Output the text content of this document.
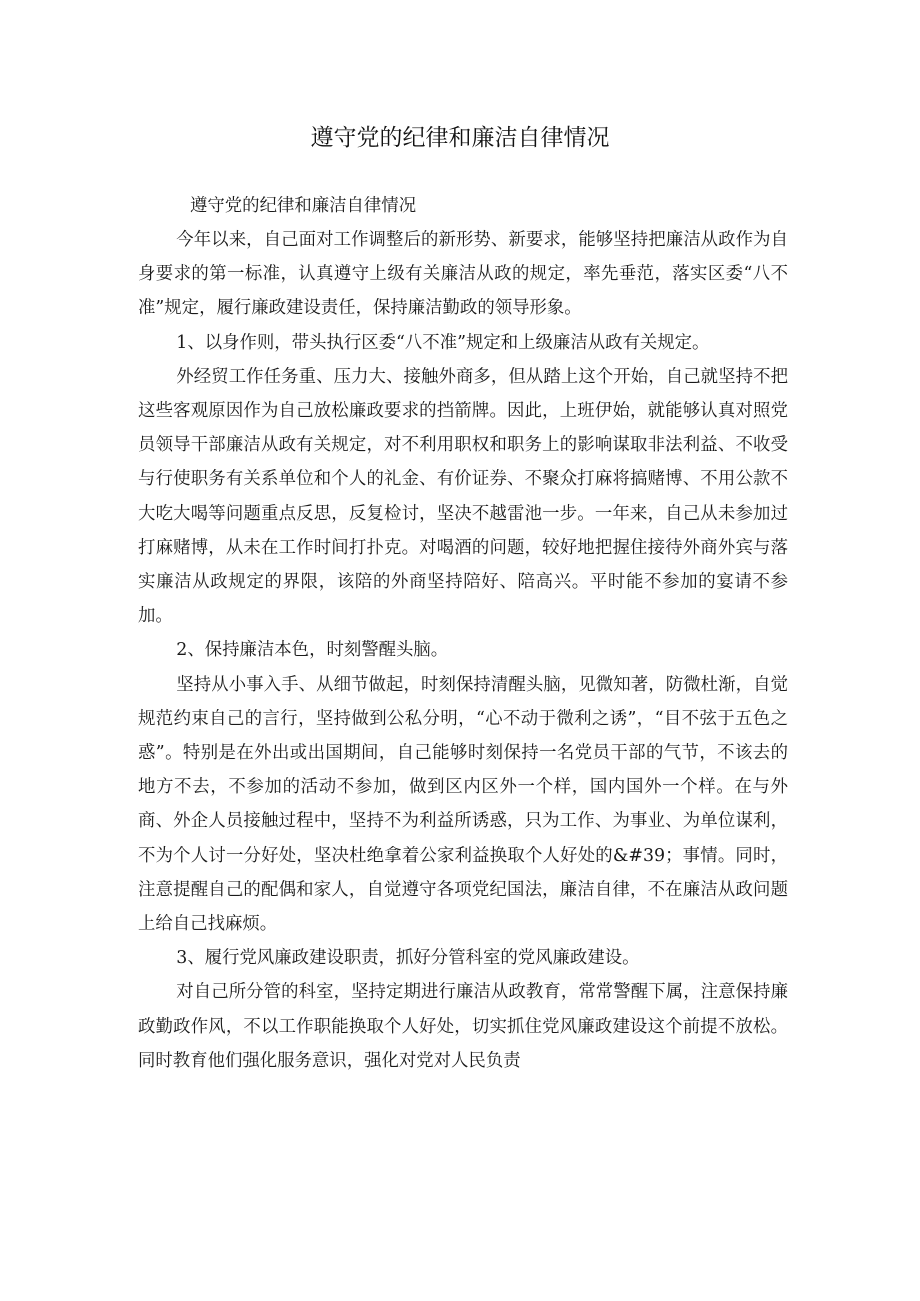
遵守党的纪律和廉洁自律情况

遵守党的纪律和廉洁自律情况

今年以来，自己面对工作调整后的新形势、新要求，能够坚持把廉洁从政作为自身要求的第一标准，认真遵守上级有关廉洁从政的规定，率先垂范，落实区委“八不准”规定，履行廉政建设责任，保持廉洁勤政的领导形象。

1、以身作则，带头执行区委“八不准”规定和上级廉洁从政有关规定。

外经贸工作任务重、压力大、接触外商多，但从踏上这个开始，自己就坚持不把这些客观原因作为自己放松廉政要求的挡箭牌。因此，上班伊始，就能够认真对照党员领导干部廉洁从政有关规定，对不利用职权和职务上的影响谋取非法利益、不收受与行使职务有关系单位和个人的礼金、有价证券、不聚众打麻将搞赌博、不用公款不大吃大喝等问题重点反思，反复检讨，坚决不越雷池一步。一年来，自己从未参加过打麻赌博，从未在工作时间打扑克。对喝酒的问题，较好地把握住接待外商外宾与落实廉洁从政规定的界限，该陪的外商坚持陪好、陪高兴。平时能不参加的宴请不参加。

2、保持廉洁本色，时刻警醒头脑。

坚持从小事入手、从细节做起，时刻保持清醒头脑，见微知著，防微杜渐，自觉规范约束自己的言行，坚持做到公私分明，“心不动于微利之诱”，“目不弦于五色之惑”。特别是在外出或出国期间，自己能够时刻保持一名党员干部的气节，不该去的地方不去，不参加的活动不参加，做到区内区外一个样，国内国外一个样。在与外商、外企人员接触过程中，坚持不为利益所诱惑，只为工作、为事业、为单位谋利，不为个人讨一分好处，坚决杜绝拿着公家利益换取个人好处的&#39；事情。同时，注意提醒自己的配偶和家人，自觉遵守各项党纪国法，廉洁自律，不在廉洁从政问题上给自己找麻烦。

3、履行党风廉政建设职责，抓好分管科室的党风廉政建设。

对自己所分管的科室，坚持定期进行廉洁从政教育，常常警醒下属，注意保持廉政勤政作风，不以工作职能换取个人好处，切实抓住党风廉政建设这个前提不放松。同时教育他们强化服务意识，强化对党对人民负责
